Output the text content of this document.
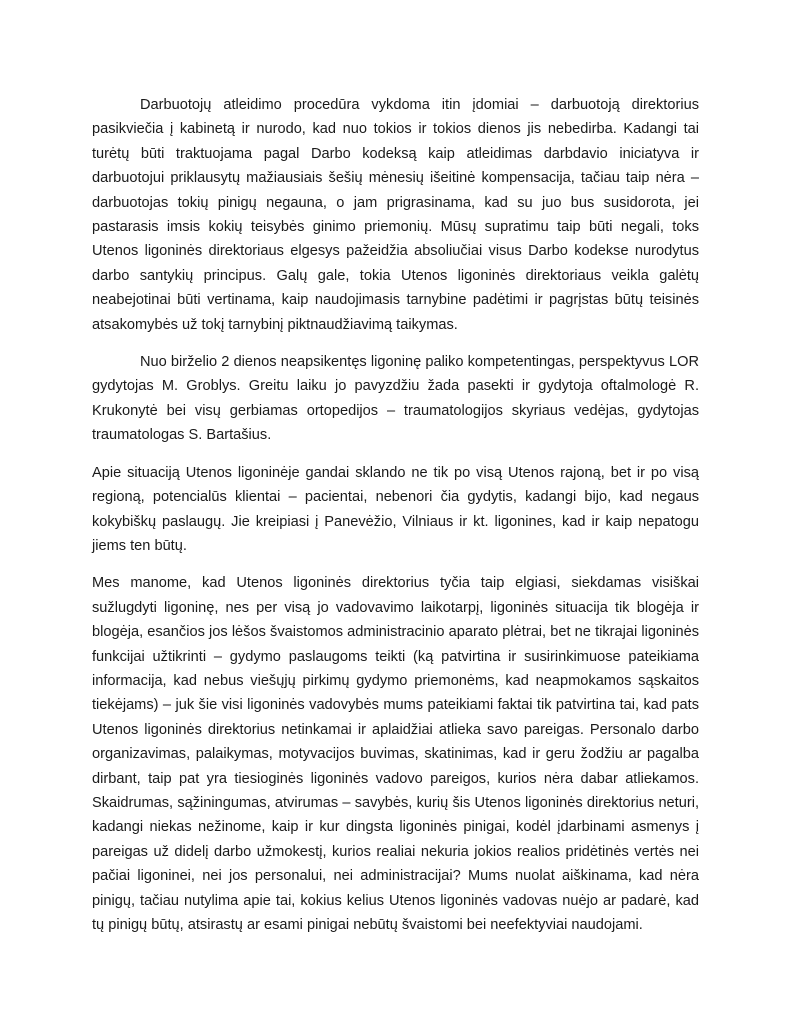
Darbuotojų atleidimo procedūra vykdoma itin įdomiai – darbuotoją direktorius pasikviečia į kabinetą ir nurodo, kad nuo tokios ir tokios dienos jis nebedirba. Kadangi tai turėtų būti traktuojama pagal Darbo kodeksą kaip atleidimas darbdavio iniciatyva ir darbuotojui priklausytų mažiausiais šešių mėnesių išeitinė kompensacija, tačiau taip nėra – darbuotojas tokių pinigų negauna, o jam prigrasinama, kad su juo bus susidorota, jei pastarasis imsis kokių teisybės ginimo priemonių. Mūsų supratimu taip būti negali, toks Utenos ligoninės direktoriaus elgesys pažeidžia absoliučiai visus Darbo kodekse nurodytus darbo santykių principus. Galų gale, tokia Utenos ligoninės direktoriaus veikla galėtų neabejotinai būti vertinama, kaip naudojimasis tarnybine padėtimi ir pagrįstas būtų teisinės atsakomybės už tokį tarnybinį piktnaudžiavimą taikymas.

Nuo birželio 2 dienos neapsikentęs ligoninę paliko kompetentingas, perspektyvus LOR gydytojas M. Groblys. Greitu laiku jo pavyzdžiu žada pasekti ir gydytoja oftalmologė R. Krukonytė bei visų gerbiamas ortopedijos – traumatologijos skyriaus vedėjas, gydytojas traumatologas S. Bartašius.

Apie situaciją Utenos ligoninėje gandai sklando ne tik po visą Utenos rajoną, bet ir po visą regioną, potencialūs klientai – pacientai, nebenori čia gydytis, kadangi bijo, kad negaus kokybiškų paslaugų. Jie kreipiasi į Panevėžio, Vilniaus ir kt. ligonines, kad ir kaip nepatogu jiems ten būtų.

Mes manome, kad Utenos ligoninės direktorius tyčia taip elgiasi, siekdamas visiškai sužlugdyti ligoninę, nes per visą jo vadovavimo laikotarpį, ligoninės situacija tik blogėja ir blogėja, esančios jos lėšos švaistomos administracinio aparato plėtrai, bet ne tikrajai ligoninės funkcijai užtikrinti – gydymo paslaugoms teikti (ką patvirtina ir susirinkimuose pateikiama informacija, kad nebus viešųjų pirkimų gydymo priemonėms, kad neapmokamos sąskaitos tiekėjams) – juk šie visi ligoninės vadovybės mums pateikiami faktai tik patvirtina tai, kad pats Utenos ligoninės direktorius netinkamai ir aplaidžiai atlieka savo pareigas. Personalo darbo organizavimas, palaikymas, motyvacijos buvimas, skatinimas, kad ir geru žodžiu ar pagalba dirbant, taip pat yra tiesioginės ligoninės vadovo pareigos, kurios nėra dabar atliekamos. Skaidrumas, sąžiningumas, atvirumas – savybės, kurių šis Utenos ligoninės direktorius neturi, kadangi niekas nežinome, kaip ir kur dingsta ligoninės pinigai, kodėl įdarbinami asmenys į pareigas už didelį darbo užmokestį, kurios realiai nekuria jokios realios pridėtinės vertės nei pačiai ligoninei, nei jos personalui, nei administracijai? Mums nuolat aiškinama, kad nėra pinigų, tačiau nutylima apie tai, kokius kelius Utenos ligoninės vadovas nuėjo ar padarė, kad tų pinigų būtų, atsirastų ar esami pinigai nebūtų švaistomi bei neefektyviai naudojami.
